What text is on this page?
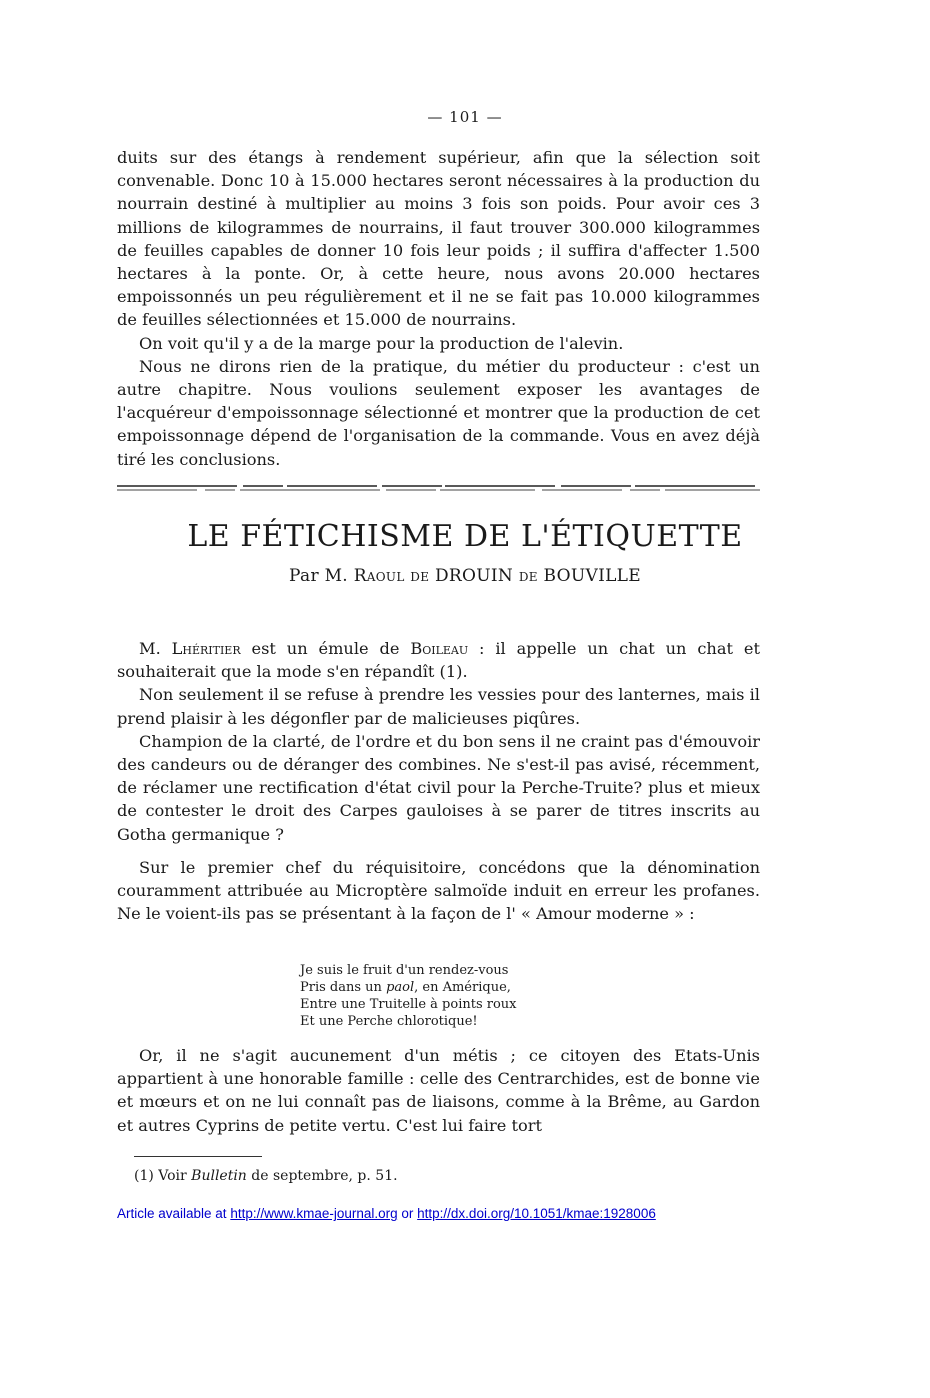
— 101 —

duits sur des étangs à rendement supérieur, afin que la sélection soit convenable. Donc 10 à 15.000 hectares seront nécessaires à la production du nourrain destiné à multiplier au moins 3 fois son poids. Pour avoir ces 3 millions de kilogrammes de nourrains, il faut trouver 300.000 kilogrammes de feuilles capables de donner 10 fois leur poids ; il suffira d'affecter 1.500 hectares à la ponte. Or, à cette heure, nous avons 20.000 hectares empoissonnés un peu régulièrement et il ne se fait pas 10.000 kilogrammes de feuilles sélectionnées et 15.000 de nourrains.

On voit qu'il y a de la marge pour la production de l'alevin.

Nous ne dirons rien de la pratique, du métier du producteur : c'est un autre chapitre. Nous voulions seulement exposer les avantages de l'acquéreur d'empoissonnage sélectionné et montrer que la production de cet empoissonnage dépend de l'organisation de la commande. Vous en avez déjà tiré les conclusions.

LE FÉTICHISME DE L'ÉTIQUETTE
Par M. Raoul de DROUIN de BOUVILLE

M. Lhéritier est un émule de Boileau : il appelle un chat un chat et souhaiterait que la mode s'en répandît (1).

Non seulement il se refuse à prendre les vessies pour des lanternes, mais il prend plaisir à les dégonfler par de malicieuses piqûres.

Champion de la clarté, de l'ordre et du bon sens il ne craint pas d'émouvoir des candeurs ou de déranger des combines. Ne s'est-il pas avisé, récemment, de réclamer une rectification d'état civil pour la Perche-Truite? plus et mieux de contester le droit des Carpes gauloises à se parer de titres inscrits au Gotha germanique ?

Sur le premier chef du réquisitoire, concédons que la dénomination couramment attribuée au Microptère salmoïde induit en erreur les profanes. Ne le voient-ils pas se présentant à la façon de l' « Amour moderne » :

Je suis le fruit d'un rendez-vous
Pris dans un paol, en Amérique,
Entre une Truitelle à points roux
Et une Perche chlorotique!

Or, il ne s'agit aucunement d'un métis ; ce citoyen des Etats-Unis appartient à une honorable famille : celle des Centrarchides, est de bonne vie et mœurs et on ne lui connaît pas de liaisons, comme à la Brême, au Gardon et autres Cyprins de petite vertu. C'est lui faire tort

(1) Voir Bulletin de septembre, p. 51.
Article available at http://www.kmae-journal.org or http://dx.doi.org/10.1051/kmae:1928006
